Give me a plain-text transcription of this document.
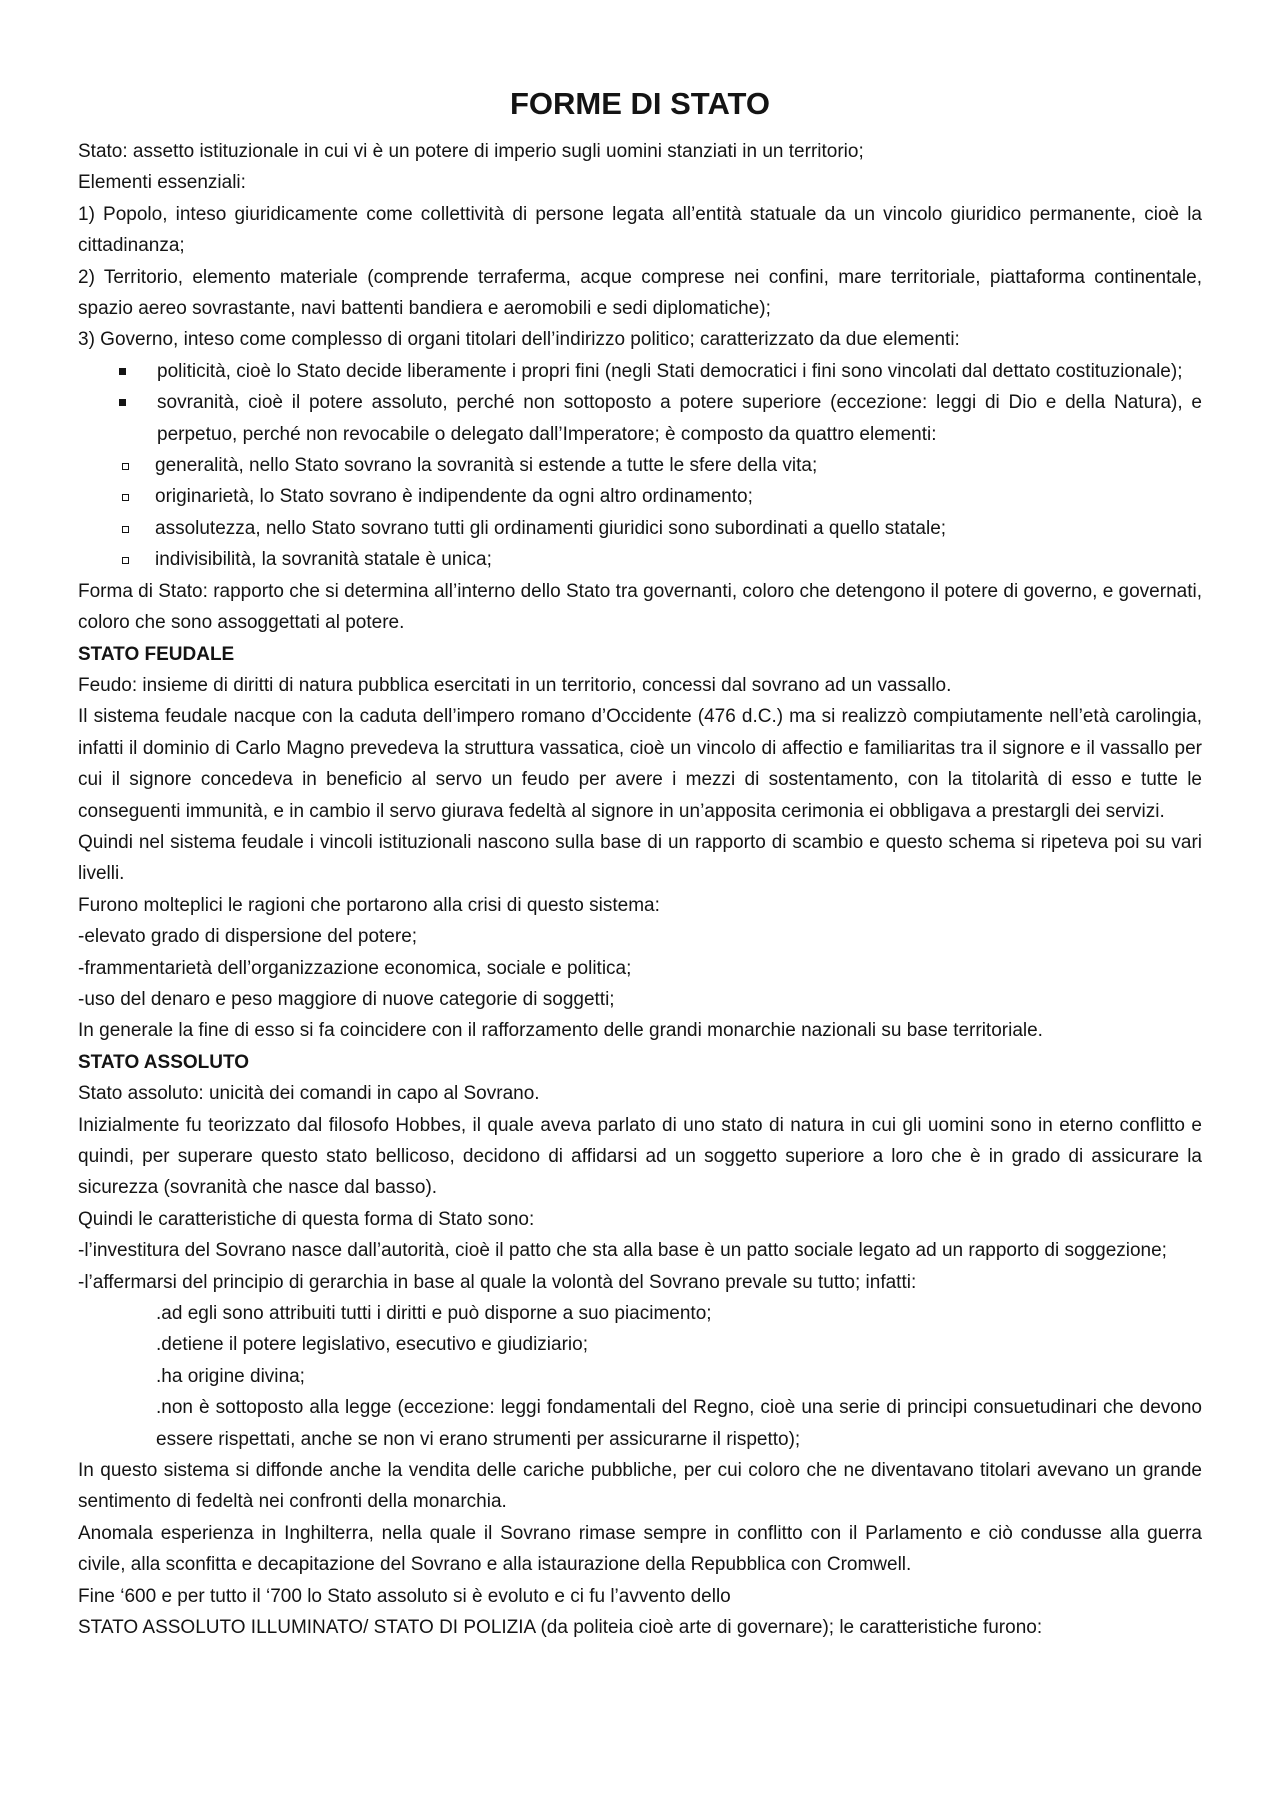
FORME DI STATO

Stato: assetto istituzionale in cui vi è un potere di imperio sugli uomini stanziati in un territorio;

Elementi essenziali:

1) Popolo, inteso giuridicamente come collettività di persone legata all’entità statuale da un vincolo giuridico permanente, cioè la cittadinanza;

2) Territorio, elemento materiale (comprende terraferma, acque comprese nei confini, mare territoriale, piattaforma continentale, spazio aereo sovrastante, navi battenti bandiera e aeromobili e sedi diplomatiche);

3) Governo, inteso come complesso di organi titolari dell’indirizzo politico; caratterizzato da due elementi:

politicità, cioè lo Stato decide liberamente i propri fini (negli Stati democratici i fini sono vincolati dal dettato costituzionale);
sovranità, cioè il potere assoluto, perché non sottoposto a potere superiore (eccezione: leggi di Dio e della Natura), e perpetuo, perché non revocabile o delegato dall’Imperatore; è composto da quattro elementi:
generalità, nello Stato sovrano la sovranità si estende a tutte le sfere della vita;
originarietà, lo Stato sovrano è indipendente da ogni altro ordinamento;
assolutezza, nello Stato sovrano tutti gli ordinamenti giuridici sono subordinati a quello statale;
indivisibilità, la sovranità statale è unica;

Forma di Stato: rapporto che si determina all’interno dello Stato tra governanti, coloro che detengono il potere di governo, e governati, coloro che sono assoggettati al potere.

STATO FEUDALE

Feudo: insieme di diritti di natura pubblica esercitati in un territorio, concessi dal sovrano ad un vassallo.

Il sistema feudale nacque con la caduta dell’impero romano d’Occidente (476 d.C.) ma si realizzò compiutamente nell’età carolingia, infatti il dominio di Carlo Magno prevedeva la struttura vassatica, cioè un vincolo di affectio e familiaritas tra il signore e il vassallo per cui il signore concedeva in beneficio al servo un feudo per avere i mezzi di sostentamento, con la titolarità di esso e tutte le conseguenti immunità, e in cambio il servo giurava fedeltà al signore in un’apposita cerimonia ei obbligava a prestargli dei servizi.

Quindi nel sistema feudale i vincoli istituzionali nascono sulla base di un rapporto di scambio e questo schema si ripeteva poi su vari livelli.

Furono molteplici le ragioni che portarono alla crisi di questo sistema:

-elevato grado di dispersione del potere;

-frammentarietà dell’organizzazione economica, sociale e politica;

-uso del denaro e peso maggiore di nuove categorie di soggetti;

In generale la fine di esso si fa coincidere con il rafforzamento delle grandi monarchie nazionali su base territoriale.

STATO ASSOLUTO

Stato assoluto: unicità dei comandi in capo al Sovrano.

Inizialmente fu teorizzato dal filosofo Hobbes, il quale aveva parlato di uno stato di natura in cui gli uomini sono in eterno conflitto e quindi, per superare questo stato bellicoso, decidono di affidarsi ad un soggetto superiore a loro che è in grado di assicurare la sicurezza (sovranità che nasce dal basso).

Quindi le caratteristiche di questa forma di Stato sono:

-l’investitura del Sovrano nasce dall’autorità, cioè il patto che sta alla base è un patto sociale legato ad un rapporto di soggezione;

-l’affermarsi del principio di gerarchia in base al quale la volontà del Sovrano prevale su tutto; infatti:

.ad egli sono attribuiti tutti i diritti e può disporne a suo piacimento;

.detiene il potere legislativo, esecutivo e giudiziario;

.ha origine divina;

.non è sottoposto alla legge (eccezione: leggi fondamentali del Regno, cioè una serie di principi consuetudinari che devono essere rispettati, anche se non vi erano strumenti per assicurarne il rispetto);

In questo sistema si diffonde anche la vendita delle cariche pubbliche, per cui coloro che ne diventavano titolari avevano un grande sentimento di fedeltà nei confronti della monarchia.

Anomala esperienza in Inghilterra, nella quale il Sovrano rimase sempre in conflitto con il Parlamento e ciò condusse alla guerra civile, alla sconfitta e decapitazione del Sovrano e alla istaurazione della Repubblica con Cromwell.

Fine ‘600 e per tutto il ‘700 lo Stato assoluto si è evoluto e ci fu l’avvento dello

STATO ASSOLUTO ILLUMINATO/ STATO DI POLIZIA (da politeia cioè arte di governare); le caratteristiche furono:
